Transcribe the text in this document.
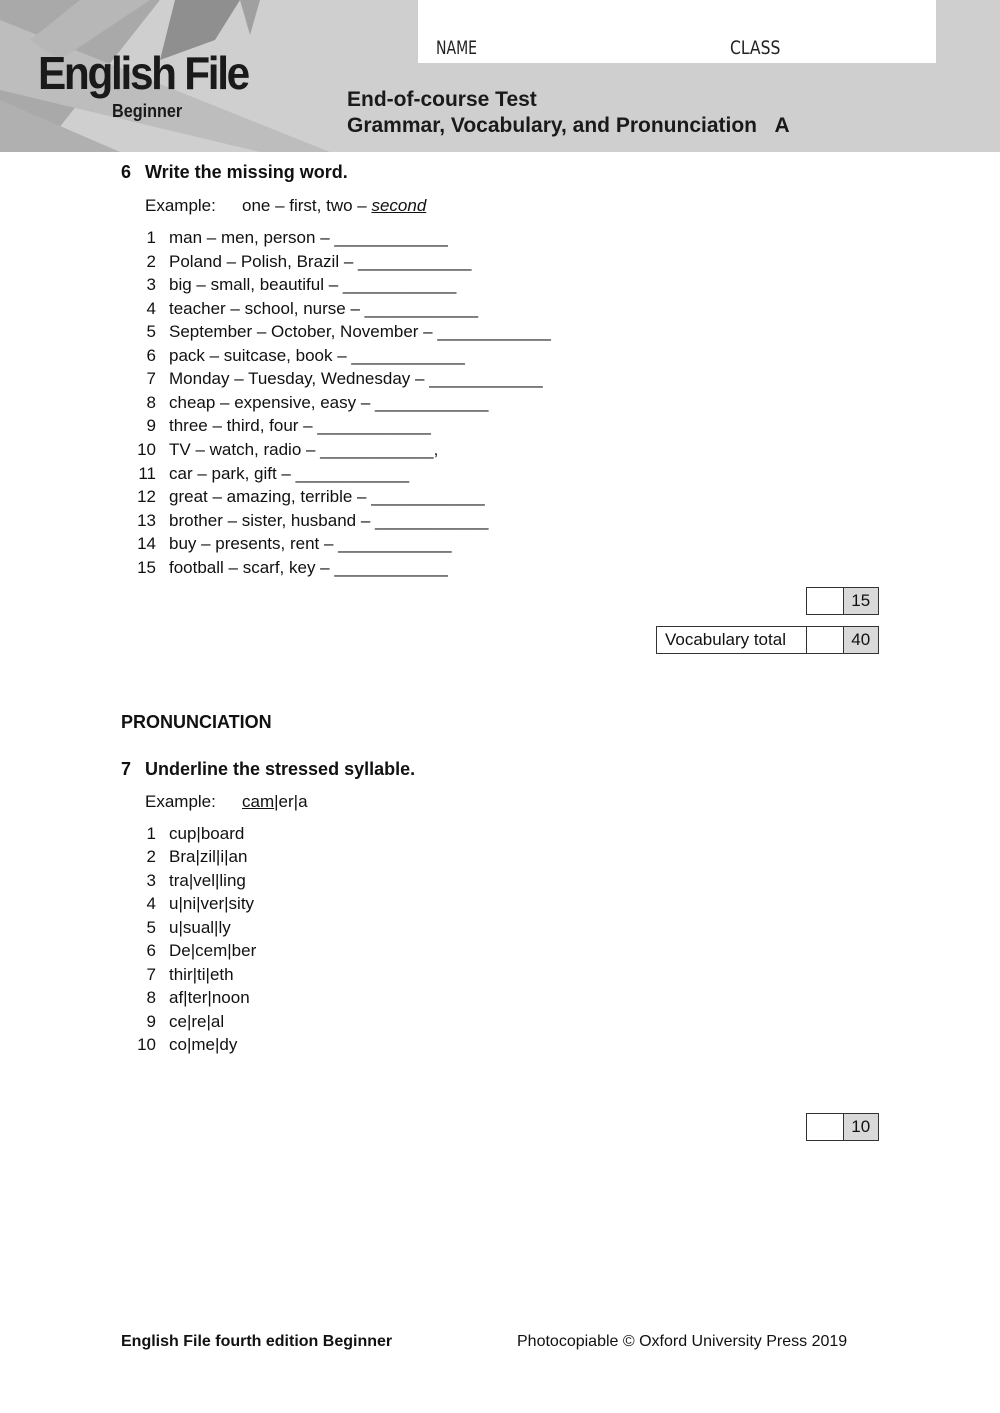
NAME	CLASS
English File
Beginner	End-of-course Test
Grammar, Vocabulary, and Pronunciation A
6 Write the missing word.
Example: one – first, two – second
1 man – men, person – ____________
2 Poland – Polish, Brazil – ____________
3 big – small, beautiful – ____________
4 teacher – school, nurse – ____________
5 September – October, November – ____________
6 pack – suitcase, book – ____________
7 Monday – Tuesday, Wednesday – ____________
8 cheap – expensive, easy – ____________
9 three – third, four – ____________
10 TV – watch, radio – ____________,
11 car – park, gift – ____________
12 great – amazing, terrible – ____________
13 brother – sister, husband – ____________
14 buy – presents, rent – ____________
15 football – scarf, key – ____________
15
Vocabulary total	40
PRONUNCIATION
7 Underline the stressed syllable.
Example: cam|er|a
1 cup|board
2 Bra|zil|i|an
3 tra|vel|ling
4 u|ni|ver|sity
5 u|sual|ly
6 De|cem|ber
7 thir|ti|eth
8 af|ter|noon
9 ce|re|al
10 co|me|dy
10
English File fourth edition Beginner	Photocopiable © Oxford University Press 2019
